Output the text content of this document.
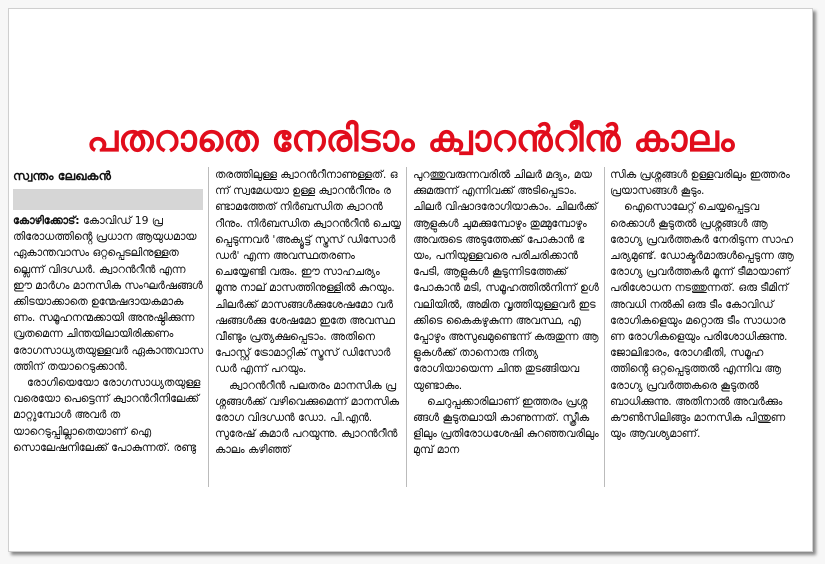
പതറാതെ നേരിടാം ക്വാറൻറീൻ കാലം
സ്വന്തം ലേഖകൻ

കോഴിക്കോട്: കോവിഡ് 19 പ്രതിരോധത്തിൻ്റെ പ്രധാന ആയുധമായ ഏകാന്തവാസം ഒറ്റപ്പെടലിനുള്ളതല്ലെന്ന് വിദഗ്ധർ. ക്വാറൻറീൻ എന്ന ഈ മാർഗം മാനസിക സംഘർഷങ്ങൾക്കിടയാക്കാതെ ഉന്മേഷദായകമാകണം. സമൂഹനന്മക്കായി അനുഷ്ഠിക്കുന്ന വ്രതമെന്ന ചിന്തയിലായിരിക്കണം രോഗസാധ്യതയുള്ളവർ ഏകാന്തവാസത്തിന് തയാറെടുക്കാൻ.

രോഗിയെയോ രോഗസാധ്യതയുള്ളവരെയോ പെട്ടെന്ന് ക്വാറൻറീനിലേക്ക് മാറ്റുമ്പോൾ അവർ തയാറെടുപ്പില്ലാതെയാണ് ഐസൊലേഷനിലേക്ക് പോകുന്നത്. രണ്ടു

തരത്തിലുള്ള ക്വാറൻറീനാണുള്ളത്. ഒന്ന് സ്വമേധയാ ഉള്ള ക്വാറൻറീനും രണ്ടാമത്തേത് നിർബന്ധിത ക്വാറൻറീനും. നിർബന്ധിത ക്വാറൻറീൻ ചെയ്യപ്പെടുന്നവർ 'അക്യൂട്ട് സ്ട്രസ് ഡിസോർഡർ' എന്ന അവസ്ഥതരണം ചെയ്യേണ്ടി വരും. ഈ സാഹചര്യം മൂന്നു നാല് മാസത്തിനുള്ളിൽ കുറയും. ചിലർക്ക് മാസങ്ങൾക്കുശേഷമോ വർഷങ്ങൾക്കു ശേഷമോ ഇതേ അവസ്ഥ വീണ്ടും പ്രത്യക്ഷപ്പെടാം. അതിനെ പോസ്റ്റ് ട്രോമാറ്റിക് സ്ട്രസ് ഡിസോർഡർ എന്ന് പറയും.

ക്വാറൻറീൻ പലതരം മാനസിക പ്രശ്നങ്ങൾക്ക് വഴിവെക്കുമെന്ന് മാനസികരോഗ വിദഗ്ധൻ ഡോ. പി.എൻ. സുരേഷ് കുമാർ പറയുന്നു. ക്വാറൻറീൻ കാലം കഴിഞ്ഞ്

പുറത്തുവരുന്നവരിൽ ചിലർ മദ്യം, മയക്കുമരുന്ന് എന്നിവക്ക് അടിപ്പെടാം. ചിലർ വിഷാദരോഗിയാകാം. ചിലർക്ക് ആളുകൾ ചുമക്കുമ്പോഴും തുമ്മുമ്പോഴും അവരുടെ അടുത്തേക്ക് പോകാൻ ഭയം, പനിയുള്ളവരെ പരിചരിക്കാൻ പേടി, ആളുകൾ കൂടുന്നിടത്തേക്ക് പോകാൻ മടി, സമൂഹത്തിൽനിന്ന് ഉൾവലിയിൽ, അമിത വൃത്തിയുള്ളവർ ഇടക്കിടെ കൈകഴുകുന്ന അവസ്ഥ, എപ്പോഴും അസുഖമുണ്ടെന്ന് കരുതുന്ന ആളുകൾക്ക് താനൊരു നിത്യരോഗിയായെന്ന ചിന്ത തുടങ്ങിയവയുണ്ടാകും.

ചെറുപ്പക്കാരിലാണ് ഇത്തരം പ്രശ്നങ്ങൾ കൂടുതലായി കാണുന്നത്. സ്ത്രീകളിലും പ്രതിരോധശേഷി കുറഞ്ഞവരിലും മുമ്പ് മാന

സിക പ്രശ്നങ്ങൾ ഉള്ളവരിലും ഇത്തരം പ്രയാസങ്ങൾ കൂടും.

ഐസൊലേറ്റ് ചെയ്യപ്പെട്ടവരെക്കാൾ കൂടുതൽ പ്രശ്നങ്ങൾ ആരോഗ്യ പ്രവർത്തകർ നേരിടുന്ന സാഹചര്യമുണ്ട്. ഡോക്ടർമാരുൾപ്പെടുന്ന ആരോഗ്യ പ്രവർത്തകർ മൂന്ന് ടീമായാണ് പരിശോധന നടത്തുന്നത്. ഒരു ടീമിന് അവധി നൽകി ഒരു ടീം കോവിഡ് രോഗികളെയും മറ്റൊരു ടീം സാധാരണ രോഗികളെയും പരിശോധിക്കുന്നു. ജോലിഭാരം, രോഗഭീതി, സമൂഹത്തിൻ്റെ ഒറ്റപ്പെടുത്തൽ എന്നിവ ആരോഗ്യ പ്രവർത്തകരെ കൂടുതൽ ബാധിക്കുന്നു. അതിനാൽ അവർക്കും കൗൺസിലിങ്ങും മാനസിക പിന്തുണയും ആവശ്യമാണ്.
